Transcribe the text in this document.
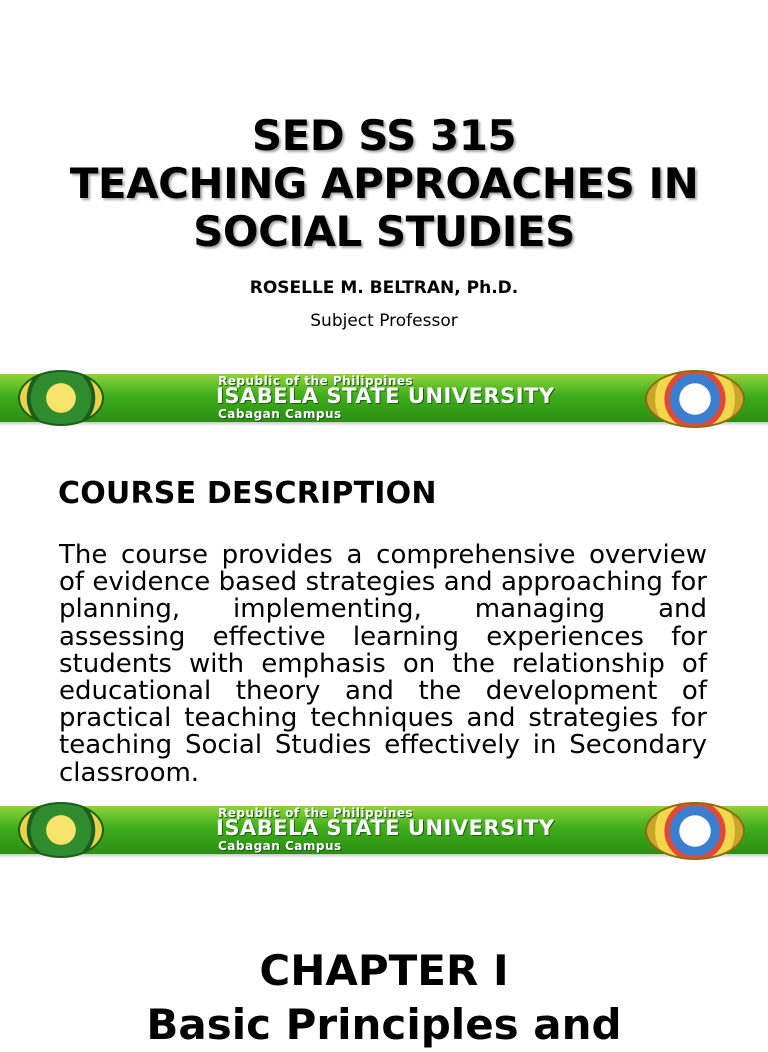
SED SS 315
TEACHING APPROACHES IN
SOCIAL STUDIES
ROSELLE M. BELTRAN, Ph.D.
Subject Professor
Republic of the Philippines
ISABELA STATE UNIVERSITY
Cabagan Campus
COURSE DESCRIPTION
The course provides a comprehensive overview of evidence based strategies and approaching for planning, implementing, managing and assessing effective learning experiences for students with emphasis on the relationship of educational theory and the development of practical teaching techniques and strategies for teaching Social Studies effectively in Secondary classroom.
Republic of the Philippines
ISABELA STATE UNIVERSITY
Cabagan Campus
CHAPTER I
Basic Principles and
